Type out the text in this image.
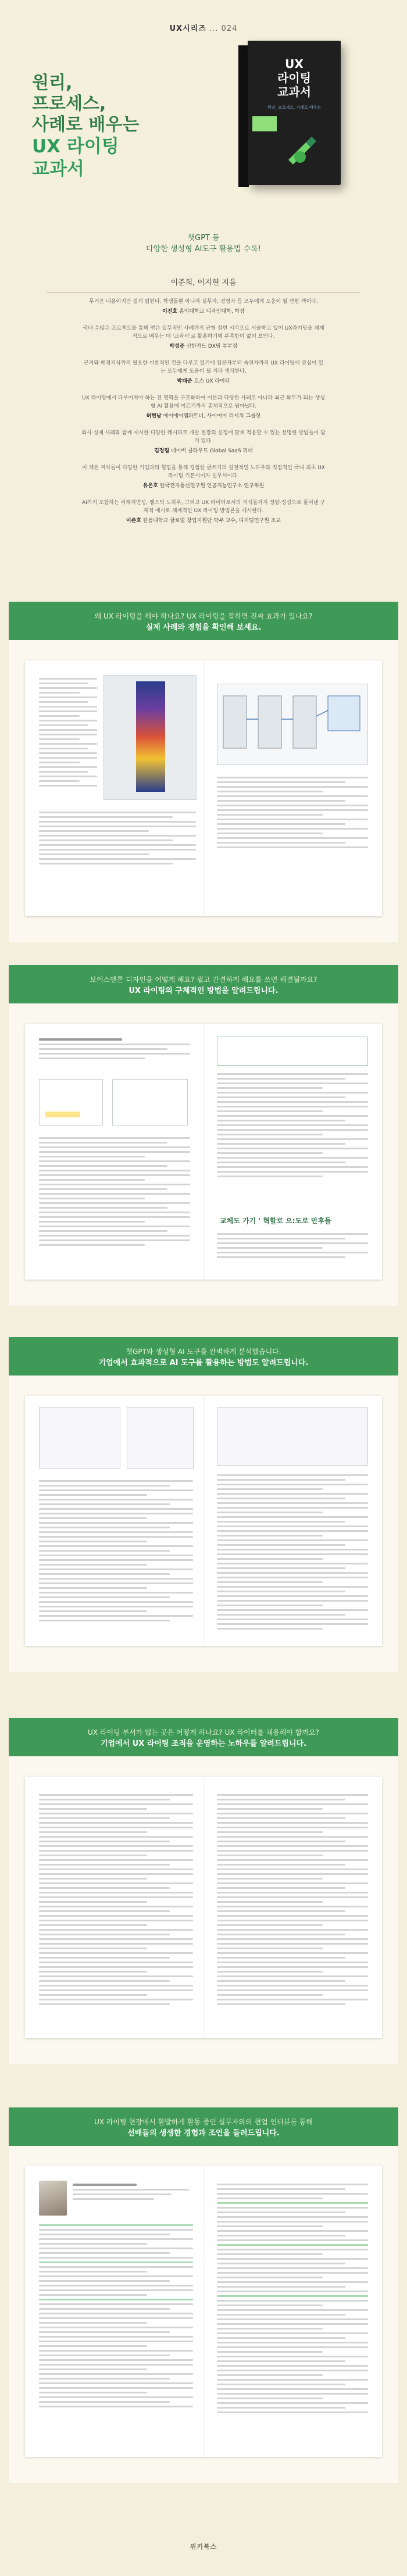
UX시리즈 ... 024
원리,
프로세스,
사례로 배우는
UX 라이팅
교과서
UX
라이팅
교과서
원리, 프로세스, 사례로 배우는
챗GPT 등
다양한 생성형 AI도구 활용법 수록!
이준희, 이지현 지음

무거운 내용이지만 쉽게 읽힌다. 학생들뿐 아니라 실무자, 경영자 등 모두에게 도움이 될 만한 책이다.

이전호 홍익대학교 디자인대학, 학장

국내 수많은 프로젝트를 통해 얻은 실무적인 사례까지 균형 잡힌 시각으로 서술하고 있어 UX라이팅을 체계적으로 배우는 데 '교과서'로 활용하기에 부족함이 없어 보인다.

박성준 신한카드 DX팀 부부장

근거와 배경지식까지 필요한 이론적인 것을 다루고 있기에 입문자부터 숙련자까지 UX 라이팅에 관심이 있는 모두에게 도움이 될 거라 생각한다.

박태준 토스 UX 라이터

UX 라이팅에서 다루어져야 하는 전 영역을 구조화하여 이론과 다양한 사례로 아니라 최근 화두가 되는 생성형 AI 활용에 이르기까지 총체적으로 담아냈다.

허현남 에이에이엠파트너, 사이어이 리서치 그룹장

회사 실제 사례와 함께 제시한 다양한 레시피로 개발 현장의 실정에 맞게 적용할 수 있는 선명한 방법들이 담겨 있다.

김정림 네이버 클라우드 Global SaaS 리더

이 책은 저자들이 다양한 기업과의 협업을 통해 경험한 글쓰기의 실전적인 노하우와 직접적인 국내 최초 UX 라이팅 기본서이자 실무서이다.

유은호 한국전자통신연구원 인공지능연구소 연구위원

AI까지 포함하는 이해저변성, 웹스틱 노하우, 그리고 UX 라이터로서의 지식들까지 정량·정성으로 풀어낸 구체적 예시로 체계적인 UX 라이팅 방법론을 제시한다.

이존호 한동대학교 글로벌 창업지원단 학부 교수, 디지털연구원 조교
왜 UX 라이팅을 해야 하나요? UX 라이팅을 잘하면 진짜 효과가 있나요?
실제 사례와 경험을 확인해 보세요.
보이스앤톤 디자인을 어떻게 해요? 뭘고 간결하게 해요를 쓰면 해결될까요?
UX 라이팅의 구체적인 방법을 알려드립니다.
교체도 가기 ' 혁할로 으:도로 만후들
챗GPT와 생성형 AI 도구를 완벽하게 분석했습니다.
기업에서 효과적으로 AI 도구를 활용하는 방법도 알려드립니다.
UX 라이팅 부서가 없는 곳은 어떻게 하나요? UX 라이터를 채용해야 할까요?
기업에서 UX 라이팅 조직을 운영하는 노하우를 알려드립니다.
UX 라이팅 현장에서 활발하게 활동 중인 실무자와의 현업 인터뷰를 통해
선배들의 생생한 경험과 조언을 들려드립니다.
위키북스
